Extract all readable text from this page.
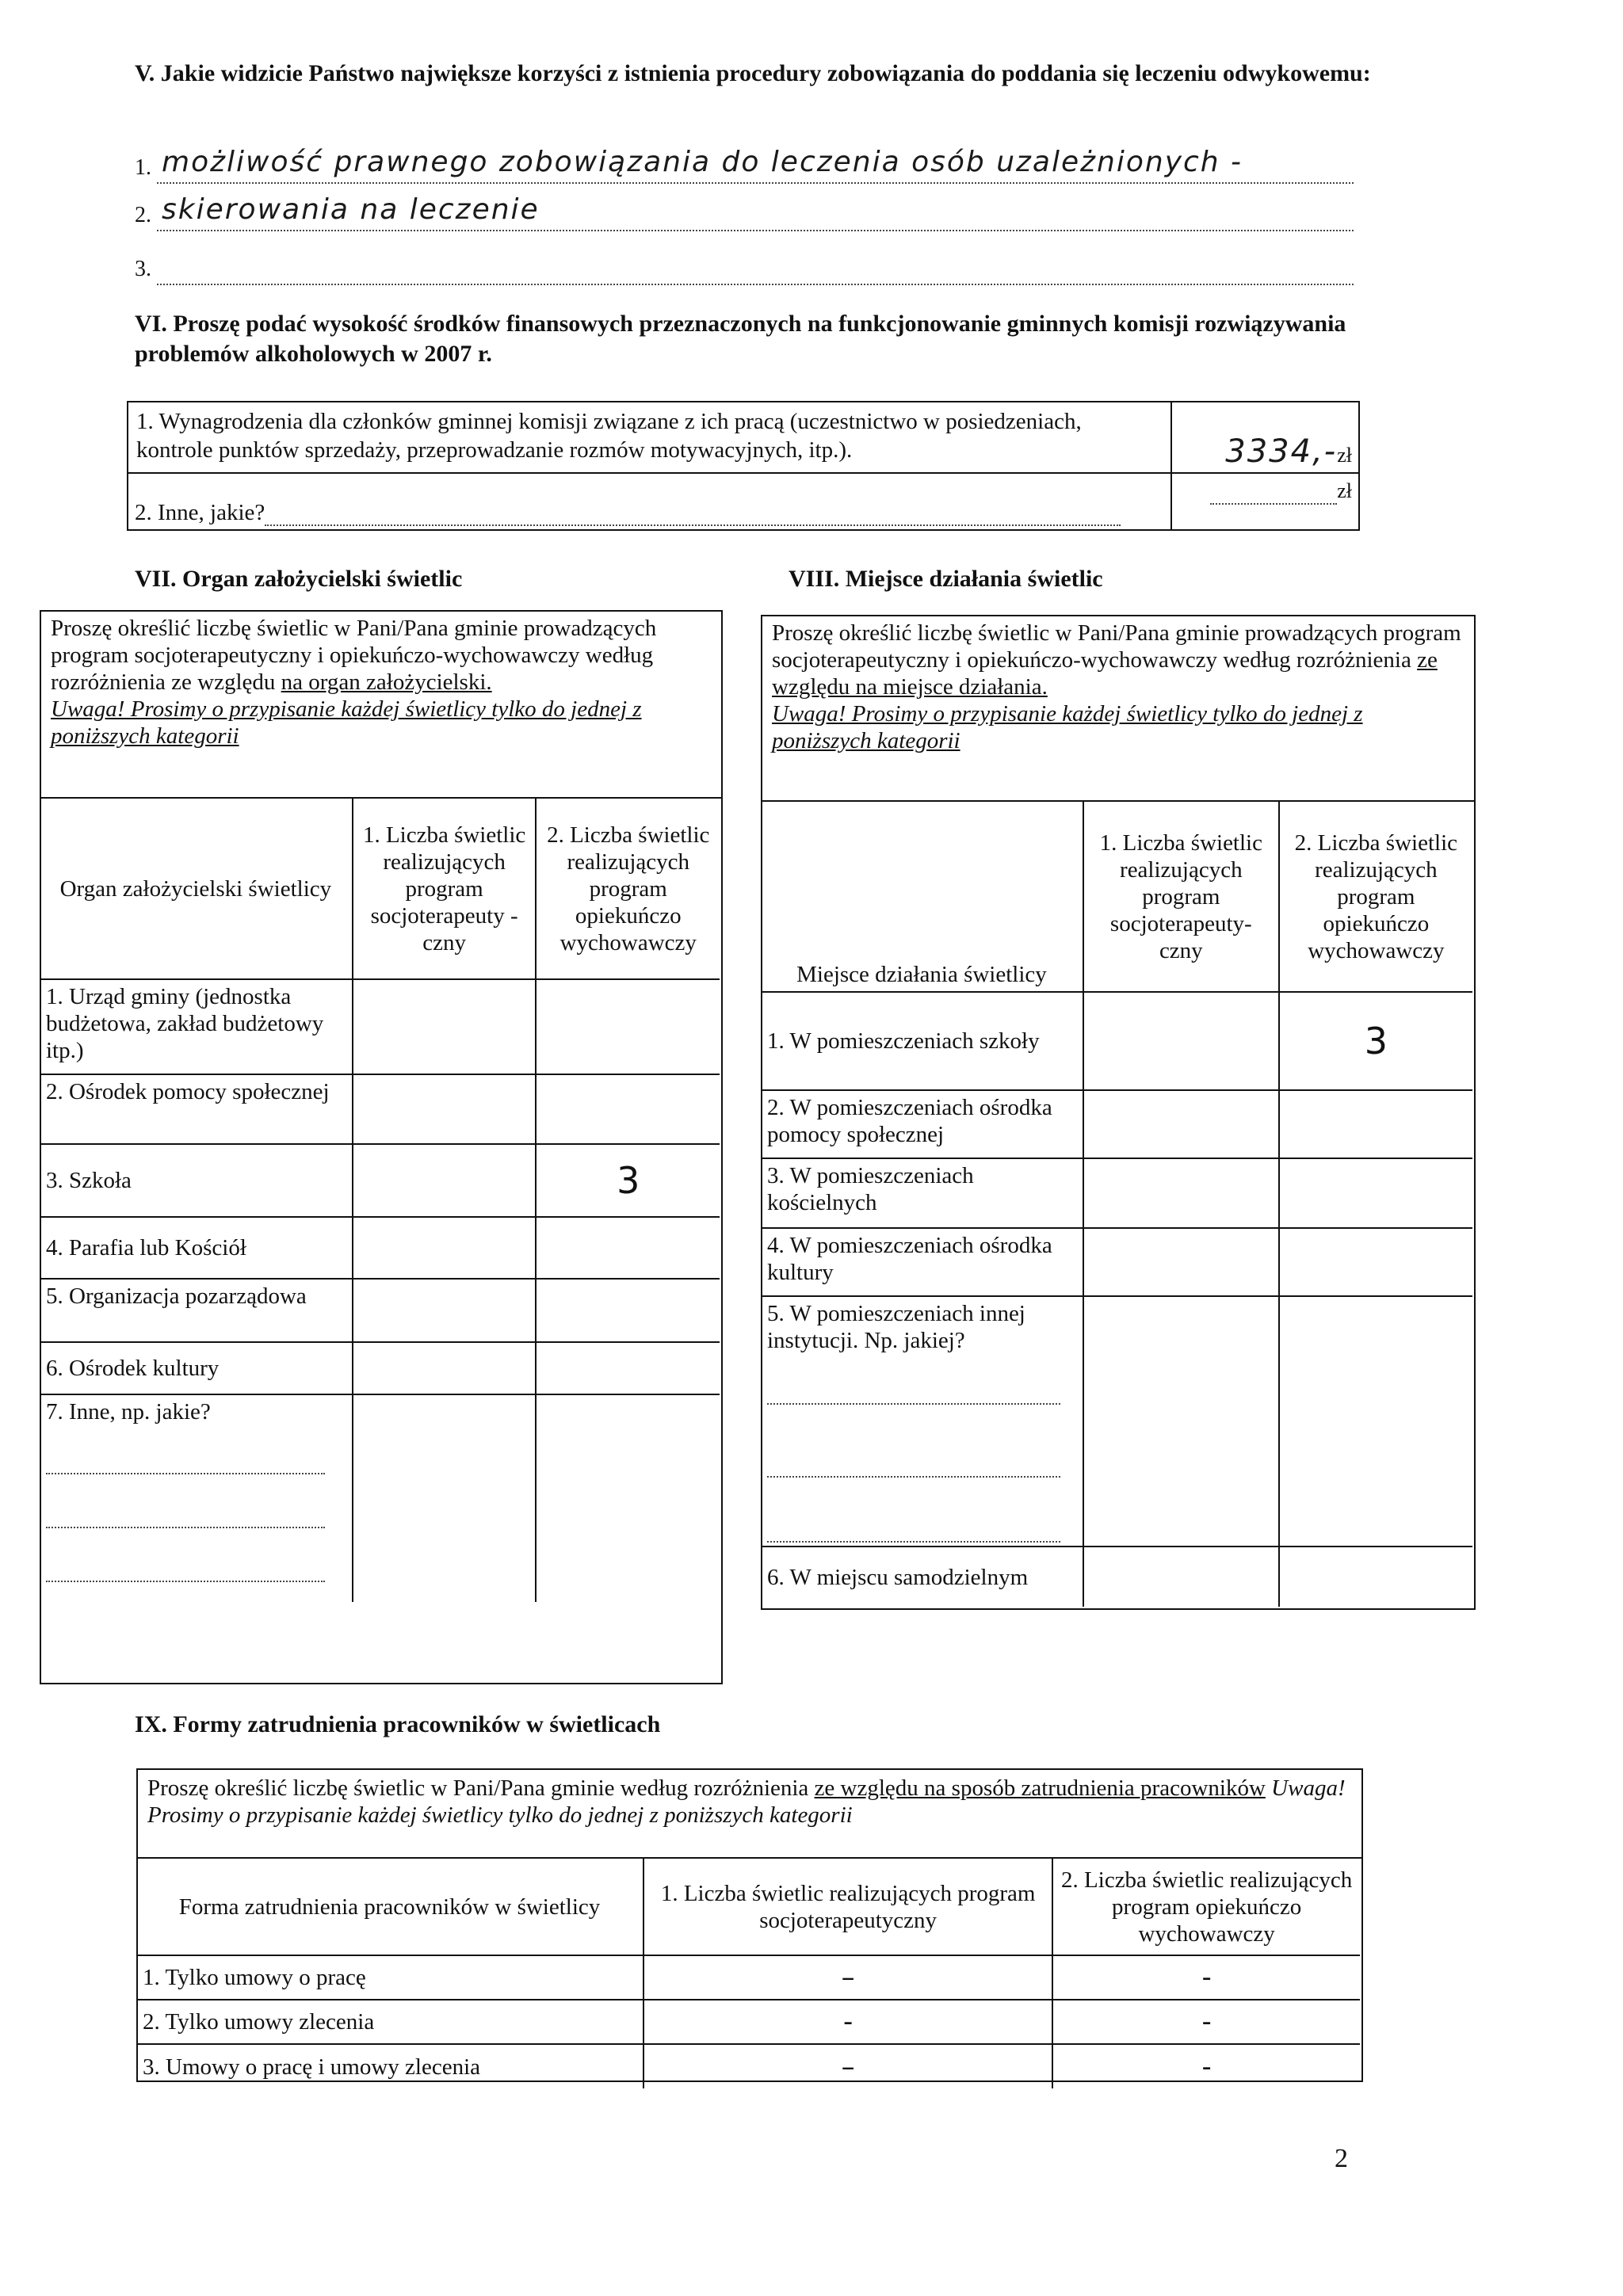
V. Jakie widzicie Państwo największe korzyści z istnienia procedury zobowiązania do poddania się leczeniu odwykowemu:
1. możliwość prawnego zobowiązania do leczenia osób uzależnionych -
2. skierowania na leczenie
3.
VI. Proszę podać wysokość środków finansowych przeznaczonych na funkcjonowanie gminnych komisji rozwiązywania problemów alkoholowych w 2007 r.
1. Wynagrodzenia dla członków gminnej komisji związane z ich pracą (uczestnictwo w posiedzeniach, kontrole punktów sprzedaży, przeprowadzanie rozmów motywacyjnych, itp.).	3334,-zł
2. Inne, jakie?	zł
VII. Organ założycielski świetlic
Proszę określić liczbę świetlic w Pani/Pana gminie prowadzących program socjoterapeutyczny i opiekuńczo-wychowawczy według rozróżnienia ze względu na organ założycielski.
Uwaga! Prosimy o przypisanie każdej świetlicy tylko do jednej z poniższych kategorii
Organ założycielski świetlicy	1. Liczba świetlic realizujących program socjoterapeuty -czny	2. Liczba świetlic realizujących program opiekuńczo wychowawczy
1. Urząd gminy (jednostka budżetowa, zakład budżetowy itp.)		
2. Ośrodek pomocy społecznej		
3. Szkoła		3
4. Parafia lub Kościół		
5. Organizacja pozarządowa		
6. Ośrodek kultury		

7. Inne, np. jakie?		

VIII. Miejsce działania świetlic
Proszę określić liczbę świetlic w Pani/Pana gminie prowadzących program socjoterapeutyczny i opiekuńczo-wychowawczy według rozróżnienia ze względu na miejsce działania.
Uwaga! Prosimy o przypisanie każdej świetlicy tylko do jednej z poniższych kategorii
Miejsce działania świetlicy	1. Liczba świetlic realizujących program socjoterapeuty-czny	2. Liczba świetlic realizujących program opiekuńczo wychowawczy
1. W pomieszczeniach szkoły		3
2. W pomieszczeniach ośrodka pomocy społecznej		
3. W pomieszczeniach kościelnych		
4. W pomieszczeniach ośrodka kultury		

5. W pomieszczeniach innej instytucji. Np. jakiej?		

6. W miejscu samodzielnym		
IX. Formy zatrudnienia pracowników w świetlicach
Proszę określić liczbę świetlic w Pani/Pana gminie według rozróżnienia ze względu na sposób zatrudnienia pracowników Uwaga! Prosimy o przypisanie każdej świetlicy tylko do jednej z poniższych kategorii
Forma zatrudnienia pracowników w świetlicy	1. Liczba świetlic realizujących program socjoterapeutyczny	2. Liczba świetlic realizujących program opiekuńczo wychowawczy
1. Tylko umowy o pracę	–	-
2. Tylko umowy zlecenia	-	-
3. Umowy o pracę i umowy zlecenia	–	-
2
